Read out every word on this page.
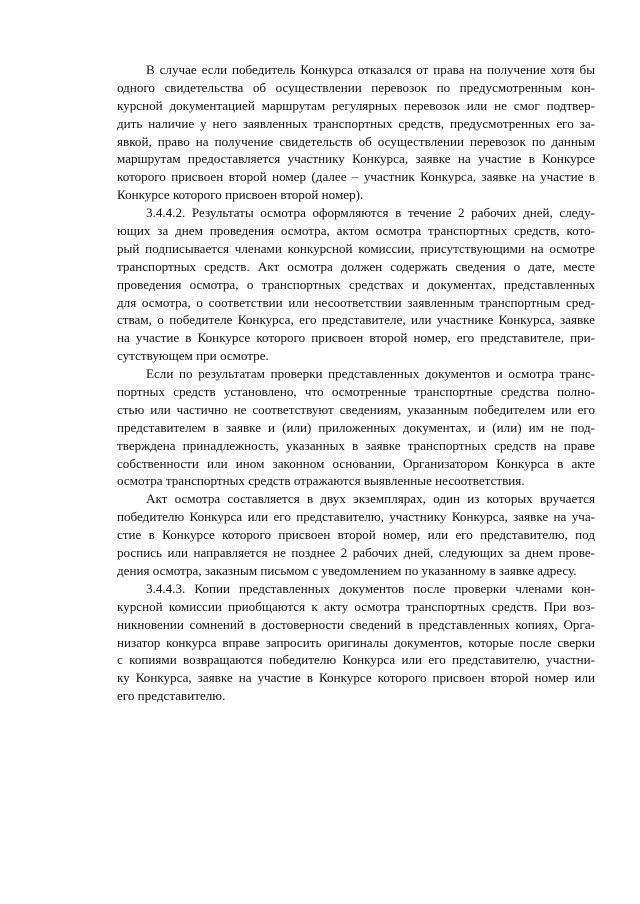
В случае если победитель Конкурса отказался от права на получение хотя бы
одного свидетельства об осуществлении перевозок по предусмотренным кон-
курсной документацией маршрутам регулярных перевозок или не смог подтвер-
дить наличие у него заявленных транспортных средств, предусмотренных его за-
явкой, право на получение свидетельств об осуществлении перевозок по данным
маршрутам предоставляется участнику Конкурса, заявке на участие в Конкурсе
которого присвоен второй номер (далее – участник Конкурса, заявке на участие в
Конкурсе которого присвоен второй номер).
3.4.4.2. Результаты осмотра оформляются в течение 2 рабочих дней, следу-
ющих за днем проведения осмотра, актом осмотра транспортных средств, кото-
рый подписывается членами конкурсной комиссии, присутствующими на осмотре
транспортных средств. Акт осмотра должен содержать сведения о дате, месте
проведения осмотра, о транспортных средствах и документах, представленных
для осмотра, о соответствии или несоответствии заявленным транспортным сред-
ствам, о победителе Конкурса, его представителе, или участнике Конкурса, заявке
на участие в Конкурсе которого присвоен второй номер, его представителе, при-
сутствующем при осмотре.
Если по результатам проверки представленных документов и осмотра транс-
портных средств установлено, что осмотренные транспортные средства полно-
стью или частично не соответствуют сведениям, указанным победителем или его
представителем в заявке и (или) приложенных документах, и (или) им не под-
тверждена принадлежность, указанных в заявке транспортных средств на праве
собственности или ином законном основании, Организатором Конкурса в акте
осмотра транспортных средств отражаются выявленные несоответствия.
Акт осмотра составляется в двух экземплярах, один из которых вручается
победителю Конкурса или его представителю, участнику Конкурса, заявке на уча-
стие в Конкурсе которого присвоен второй номер, или его представителю, под
роспись или направляется не позднее 2 рабочих дней, следующих за днем прове-
дения осмотра, заказным письмом с уведомлением по указанному в заявке адресу.
3.4.4.3. Копии представленных документов после проверки членами кон-
курсной комиссии приобщаются к акту осмотра транспортных средств. При воз-
никновении сомнений в достоверности сведений в представленных копиях, Орга-
низатор конкурса вправе запросить оригиналы документов, которые после сверки
с копиями возвращаются победителю Конкурса или его представителю, участни-
ку Конкурса, заявке на участие в Конкурсе которого присвоен второй номер или
его представителю.
